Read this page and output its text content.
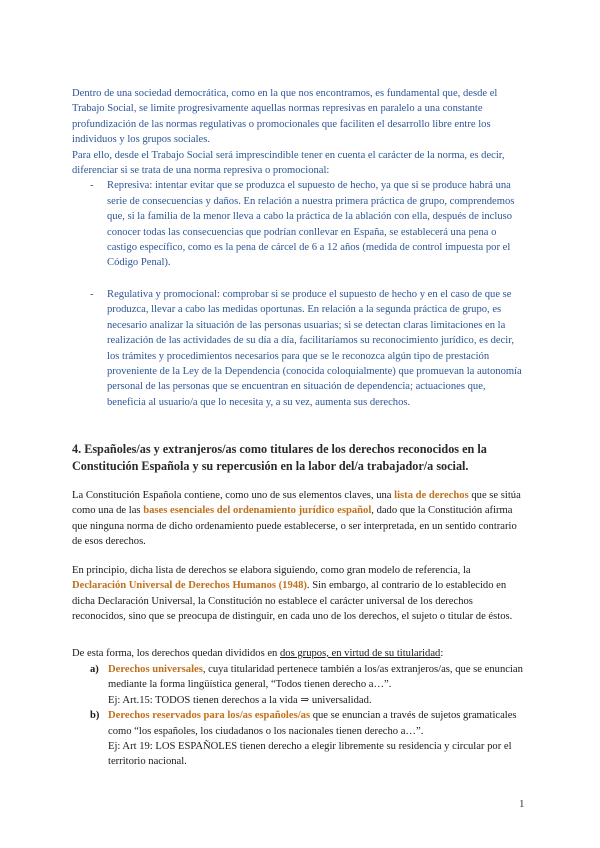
Dentro de una sociedad democrática, como en la que nos encontramos, es fundamental que, desde el Trabajo Social, se limite progresivamente aquellas normas represivas en paralelo a una constante profundización de las normas regulativas o promocionales que faciliten el desarrollo libre entre los individuos y los grupos sociales.

Para ello, desde el Trabajo Social será imprescindible tener en cuenta el carácter de la norma, es decir, diferenciar si se trata de una norma represiva o promocional:

- Represiva: intentar evitar que se produzca el supuesto de hecho, ya que si se produce habrá una serie de consecuencias y daños. En relación a nuestra primera práctica de grupo, comprendemos que, si la familia de la menor lleva a cabo la práctica de la ablación con ella, después de incluso conocer todas las consecuencias que podrían conllevar en España, se establecerá una pena o castigo específico, como es la pena de cárcel de 6 a 12 años (medida de control impuesta por el Código Penal).
- Regulativa y promocional: comprobar si se produce el supuesto de hecho y en el caso de que se produzca, llevar a cabo las medidas oportunas. En relación a la segunda práctica de grupo, es necesario analizar la situación de las personas usuarias; si se detectan claras limitaciones en la realización de las actividades de su día a día, facilitaríamos su reconocimiento jurídico, es decir, los trámites y procedimientos necesarios para que se le reconozca algún tipo de prestación proveniente de la Ley de la Dependencia (conocida coloquialmente) que promuevan la autonomía personal de las personas que se encuentran en situación de dependencia; actuaciones que, beneficia al usuario/a que lo necesita y, a su vez, aumenta sus derechos.
4. Españoles/as y extranjeros/as como titulares de los derechos reconocidos en la Constitución Española y su repercusión en la labor del/a trabajador/a social.

La Constitución Española contiene, como uno de sus elementos claves, una lista de derechos que se sitúa como una de las bases esenciales del ordenamiento jurídico español, dado que la Constitución afirma que ninguna norma de dicho ordenamiento puede establecerse, o ser interpretada, en un sentido contrario de esos derechos.

En principio, dicha lista de derechos se elabora siguiendo, como gran modelo de referencia, la Declaración Universal de Derechos Humanos (1948). Sin embargo, al contrario de lo establecido en dicha Declaración Universal, la Constitución no establece el carácter universal de los derechos reconocidos, sino que se preocupa de distinguir, en cada uno de los derechos, el sujeto o titular de éstos.

De esta forma, los derechos quedan divididos en dos grupos, en virtud de su titularidad:

a) Derechos universales, cuya titularidad pertenece también a los/as extranjeros/as, que se enuncian mediante la forma lingüística general, “Todos tienen derecho a…”.
Ej: Art.15: TODOS tienen derechos a la vida ⇒ universalidad.
b) Derechos reservados para los/as españoles/as que se enuncian a través de sujetos gramaticales como “los españoles, los ciudadanos o los nacionales tienen derecho a…”.
Ej: Art 19: LOS ESPAÑOLES tienen derecho a elegir libremente su residencia y circular por el territorio nacional.
1
